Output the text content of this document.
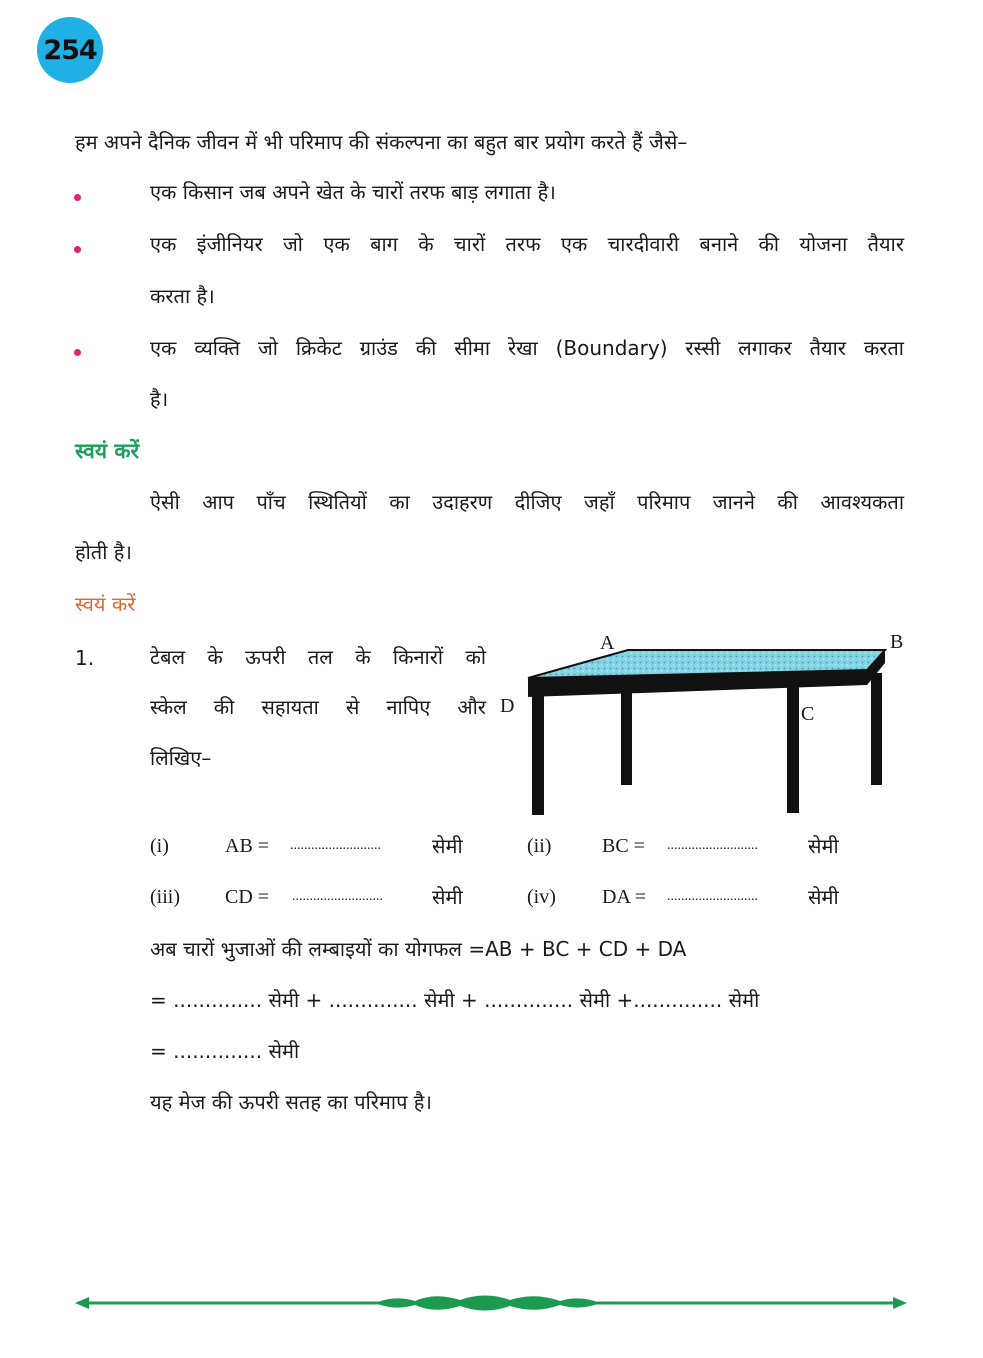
254
हम अपने दैनिक जीवन में भी परिमाप की संकल्पना का बहुत बार प्रयोग करते हैं जैसे–
एक किसान जब अपने खेत के चारों तरफ बाड़ लगाता है।
एक इंजीनियर जो एक बाग के चारों तरफ एक चारदीवारी बनाने की योजना तैयार
करता है।
एक व्यक्ति जो क्रिकेट ग्राउंड की सीमा रेखा (Boundary) रस्सी लगाकर तैयार करता
है।
स्वयं करें
ऐसी आप पाँच स्थितियों का उदाहरण दीजिए जहाँ परिमाप जानने की आवश्यकता
होती है।
स्वयं करें
1.	टेबल के ऊपरी तल के किनारों को
स्केल की सहायता से नापिए और
लिखिए–
A	B
C
D
(i)	AB = ..........................	सेमी	(ii)	BC = ..........................	सेमी
(iii) CD = .......................... सेमी	(iv) DA = ..........................	सेमी
अब चारों भुजाओं की लम्बाइयों का योगफल =AB + BC + CD + DA
= .............. सेमी + .............. सेमी + .............. सेमी +.............. सेमी
= .............. सेमी
यह मेज की ऊपरी सतह का परिमाप है।
